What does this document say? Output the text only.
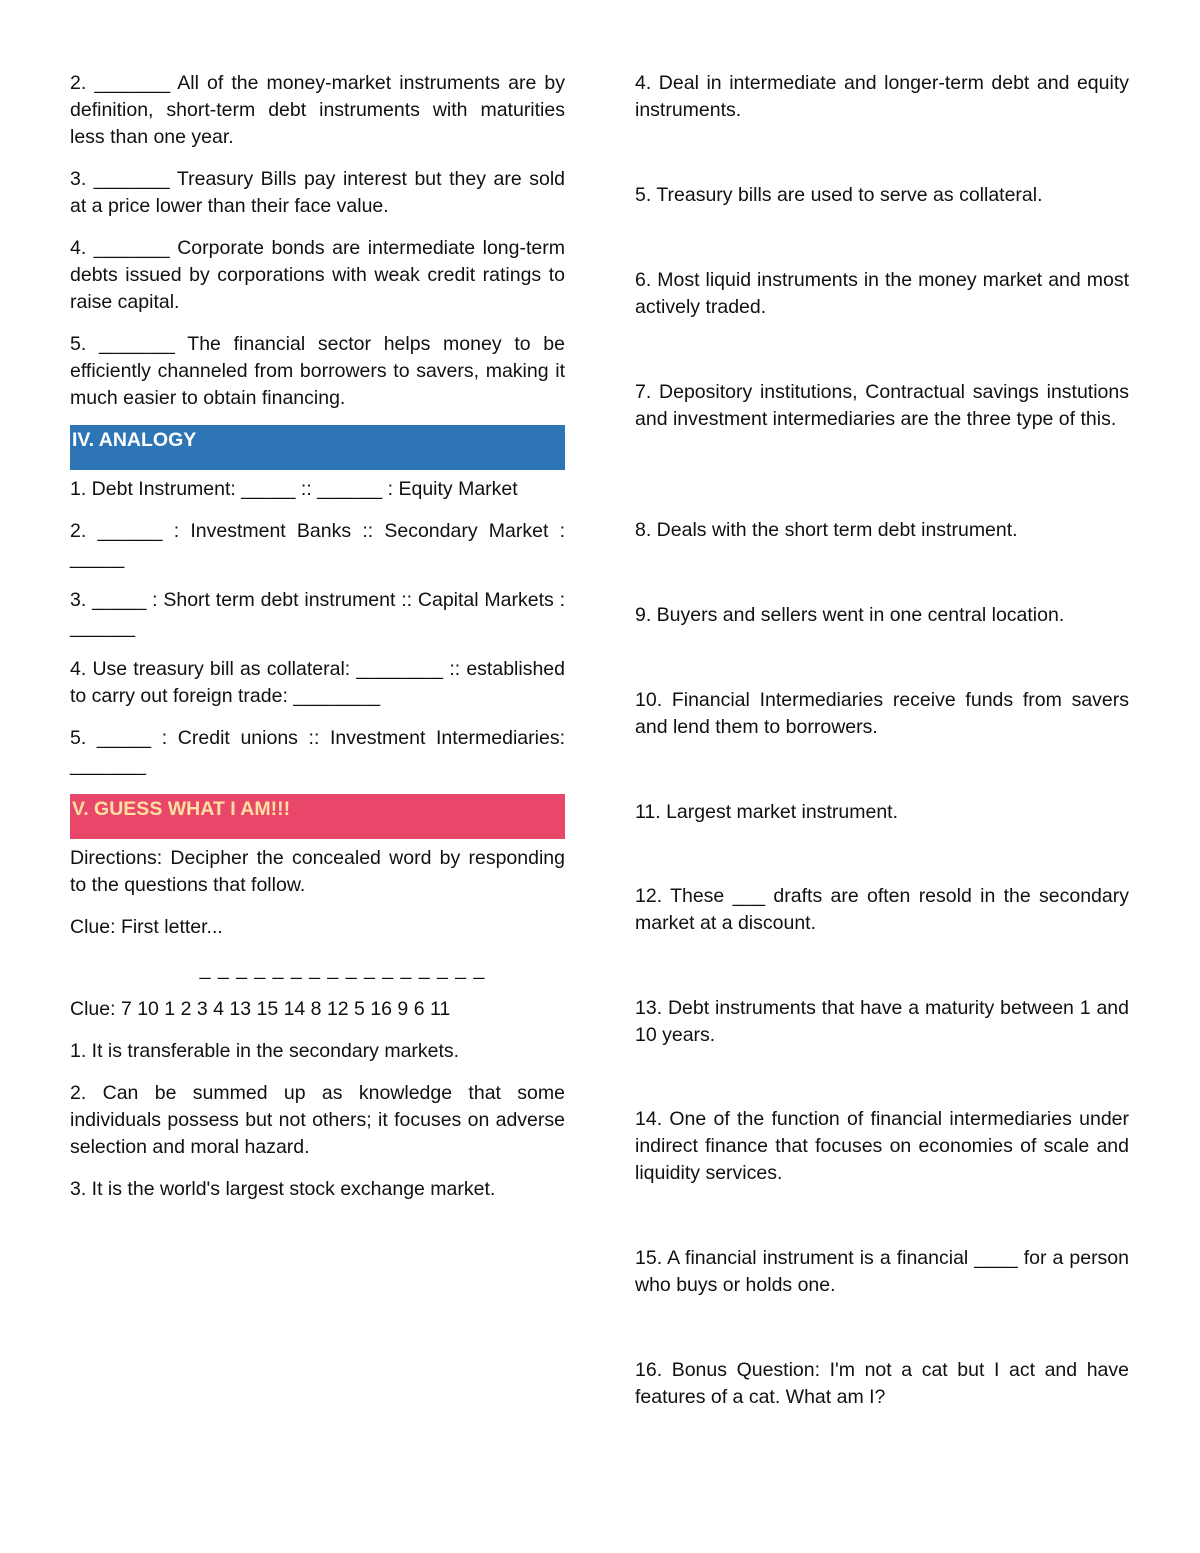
2. _______ All of the money-market instruments are by definition, short-term debt instruments with maturities less than one year.

3. _______ Treasury Bills pay interest but they are sold at a price lower than their face value.

4. _______ Corporate bonds are intermediate long-term debts issued by corporations with weak credit ratings to raise capital.

5. _______ The financial sector helps money to be efficiently channeled from borrowers to savers, making it much easier to obtain financing.

IV. ANALOGY

1. Debt Instrument: _____ :: ______ : Equity Market

2. ______ : Investment Banks :: Secondary Market : _____

3. _____ : Short term debt instrument :: Capital Markets : ______

4. Use treasury bill as collateral: ________ :: established to carry out foreign trade: ________

5. _____ : Credit unions :: Investment Intermediaries: _______

V. GUESS WHAT I AM!!!

Directions: Decipher the concealed word by responding to the questions that follow.

Clue: First letter...

_ _ _ _ _ _ _ _ _ _ _ _ _ _ _ _

Clue: 7 10 1 2 3 4 13 15 14 8 12 5 16 9 6 11

1. It is transferable in the secondary markets.

2. Can be summed up as knowledge that some individuals possess but not others; it focuses on adverse selection and moral hazard.

3. It is the world's largest stock exchange market.

4. Deal in intermediate and longer-term debt and equity instruments.

5. Treasury bills are used to serve as collateral.

6. Most liquid instruments in the money market and most actively traded.

7. Depository institutions, Contractual savings instutions and investment intermediaries are the three type of this.

8. Deals with the short term debt instrument.

9. Buyers and sellers went in one central location.

10. Financial Intermediaries receive funds from savers and lend them to borrowers.

11. Largest market instrument.

12. These ___ drafts are often resold in the secondary market at a discount.

13. Debt instruments that have a maturity between 1 and 10 years.

14. One of the function of financial intermediaries under indirect finance that focuses on economies of scale and liquidity services.

15. A financial instrument is a financial ____ for a person who buys or holds one.

16. Bonus Question: I'm not a cat but I act and have features of a cat. What am I?
